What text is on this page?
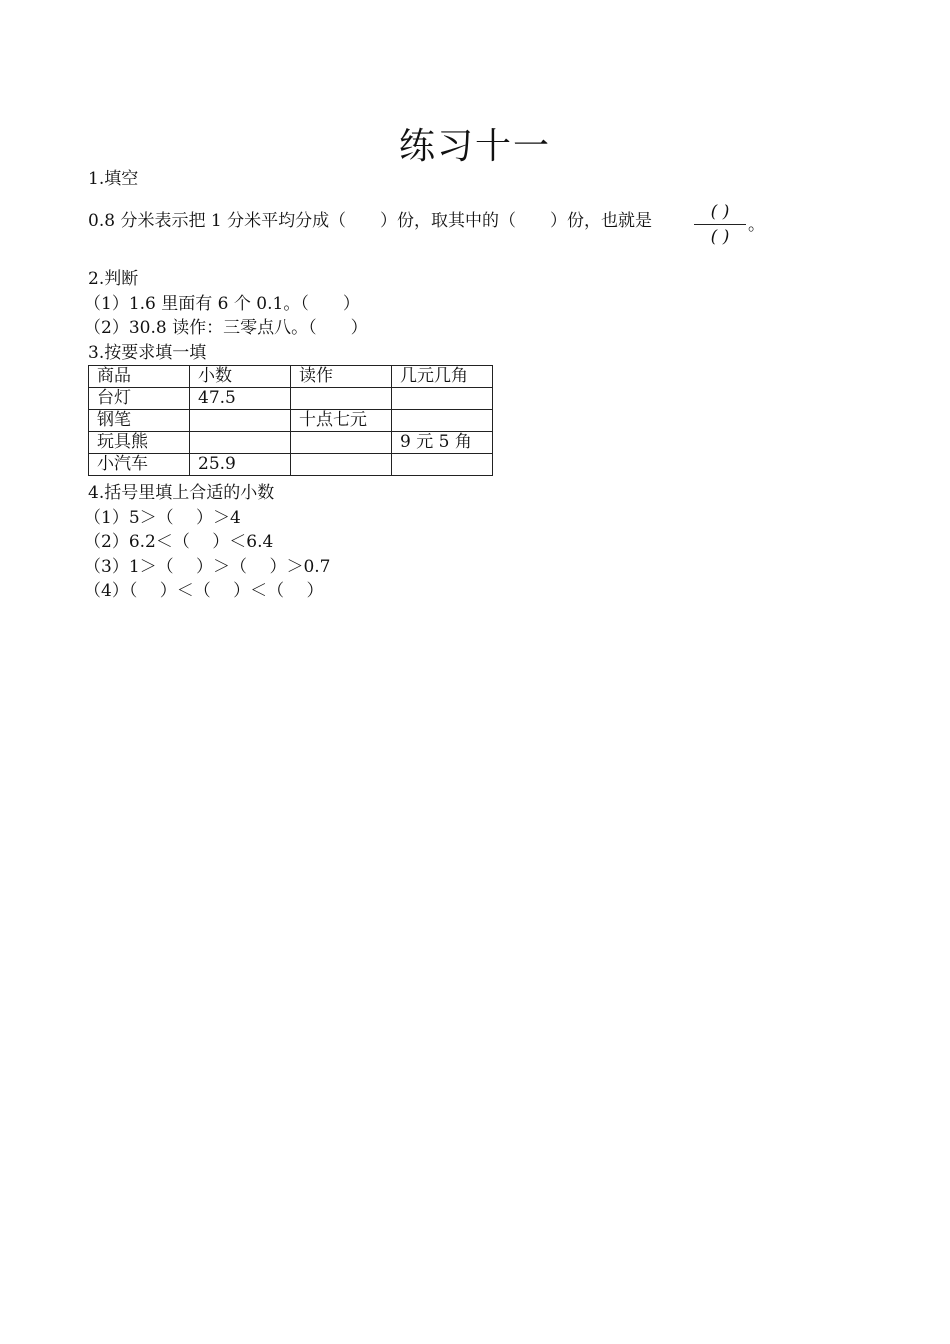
练习十一
1.填空
0.8 分米表示把 1 分米平均分成（　　）份，取其中的（　　）份，也就是	( )
( )
。
2.判断
（1）1.6 里面有 6 个 0.1。（　　）
（2）30.8 读作：三零点八。（　　）
3.按要求填一填
商品	小数	读作	几元几角
台灯	47.5		
钢笔		十点七元	
玩具熊			9 元 5 角
小汽车	25.9		
4.括号里填上合适的小数
（1）5＞（　 ）＞4
（2）6.2＜（　 ）＜6.4
（3）1＞（　 ）＞（　 ）＞0.7
（4）（　 ）＜（　 ）＜（　 ）
